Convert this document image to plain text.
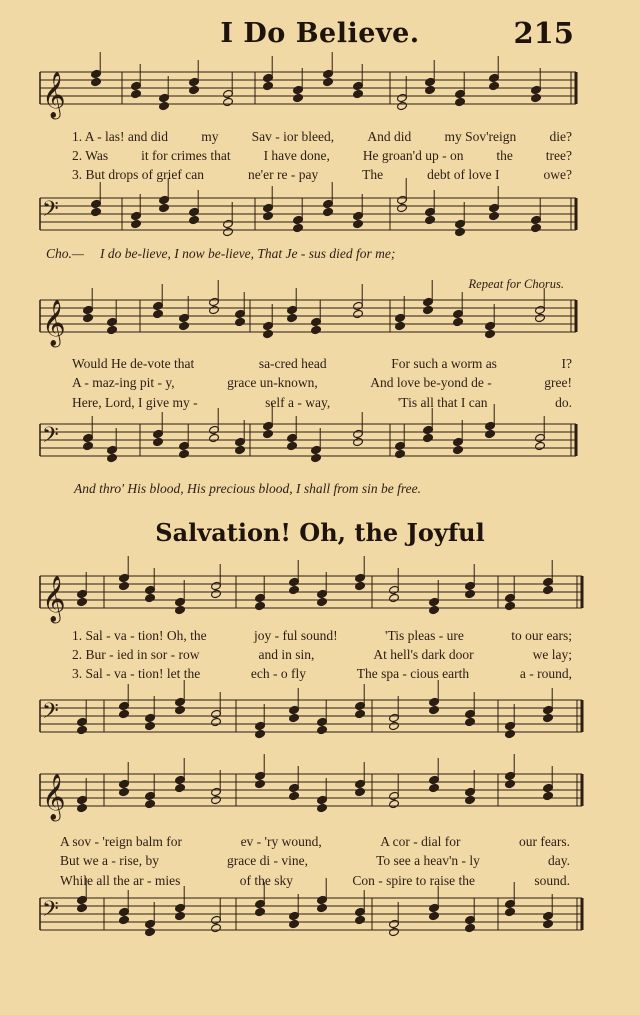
I Do Believe.	215
𝄞
𝄢
𝄞
𝄢
𝄞
𝄢
𝄞
𝄢
1. A - las! and did my Sav - ior bleed, And did my Sov'reign die?
2. Was it for crimes that I have done, He groan'd up - on the tree?
3. But drops of grief can	ne'er re - pay	The	debt of love I	owe?
Cho.— I do be-lieve, I now be-lieve, That Je - sus died for me;
Repeat for Chorus.
Would He de-vote that	sa-cred head	For such a worm as	I?
A - maz-ing pit - y,	grace un-known,	And love be-yond de -	gree!
Here, Lord, I give my -	self a - way,	'Tis all that I can	do.
And thro' His blood, His precious blood, I shall from sin be free.
Salvation! Oh, the Joyful
1. Sal - va - tion! Oh, the	joy - ful sound!	'Tis pleas - ure	to our ears;
2. Bur - ied in sor - row	and in sin,	At hell's dark door	we lay;
3. Sal - va - tion! let the	ech - o fly	The spa - cious earth	a - round,
A sov - 'reign balm for	ev - 'ry wound,	A cor - dial for	our fears.
But we a - rise, by	grace di - vine,	To see a heav'n - ly	day.
While all the ar - mies	of the sky	Con - spire to raise the	sound.
